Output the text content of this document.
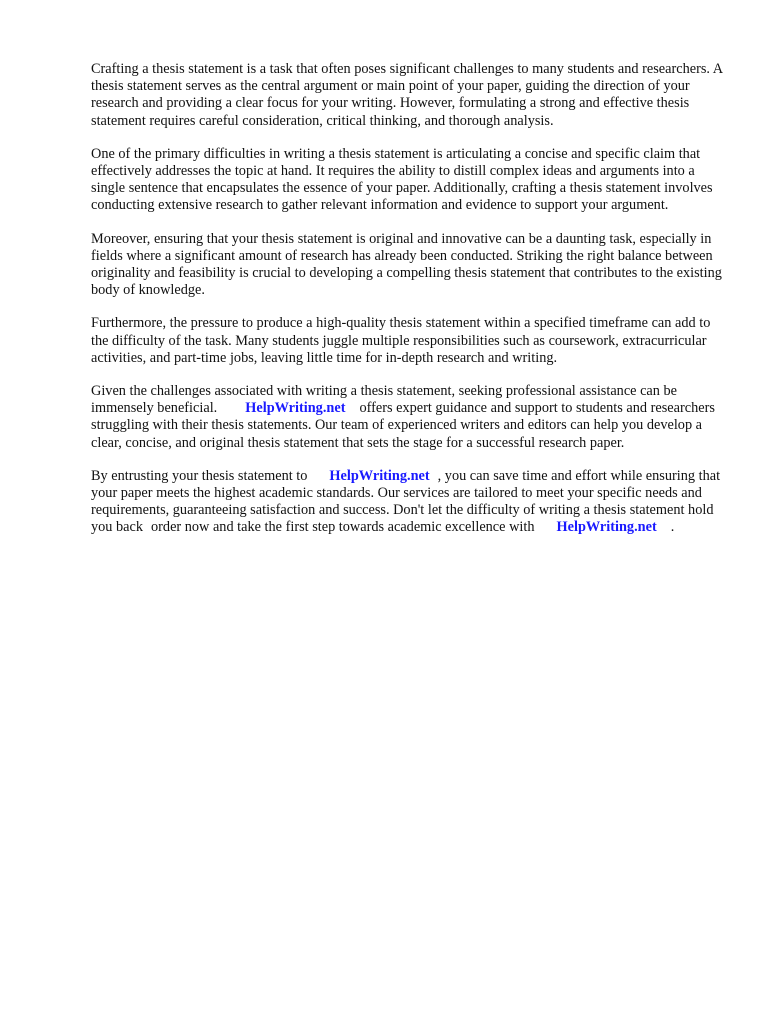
Crafting a thesis statement is a task that often poses significant challenges to many students and researchers. A thesis statement serves as the central argument or main point of your paper, guiding the direction of your research and providing a clear focus for your writing. However, formulating a strong and effective thesis statement requires careful consideration, critical thinking, and thorough analysis.

One of the primary difficulties in writing a thesis statement is articulating a concise and specific claim that effectively addresses the topic at hand. It requires the ability to distill complex ideas and arguments into a single sentence that encapsulates the essence of your paper. Additionally, crafting a thesis statement involves conducting extensive research to gather relevant information and evidence to support your argument.

Moreover, ensuring that your thesis statement is original and innovative can be a daunting task, especially in fields where a significant amount of research has already been conducted. Striking the right balance between originality and feasibility is crucial to developing a compelling thesis statement that contributes to the existing body of knowledge.

Furthermore, the pressure to produce a high-quality thesis statement within a specified timeframe can add to the difficulty of the task. Many students juggle multiple responsibilities such as coursework, extracurricular activities, and part-time jobs, leaving little time for in-depth research and writing.

Given the challenges associated with writing a thesis statement, seeking professional assistance can be immensely beneficial. HelpWriting.net offers expert guidance and support to students and researchers struggling with their thesis statements. Our team of experienced writers and editors can help you develop a clear, concise, and original thesis statement that sets the stage for a successful research paper.

By entrusting your thesis statement to HelpWriting.net , you can save time and effort while ensuring that your paper meets the highest academic standards. Our services are tailored to meet your specific needs and requirements, guaranteeing satisfaction and success. Don't let the difficulty of writing a thesis statement hold you back order now and take the first step towards academic excellence with HelpWriting.net .
